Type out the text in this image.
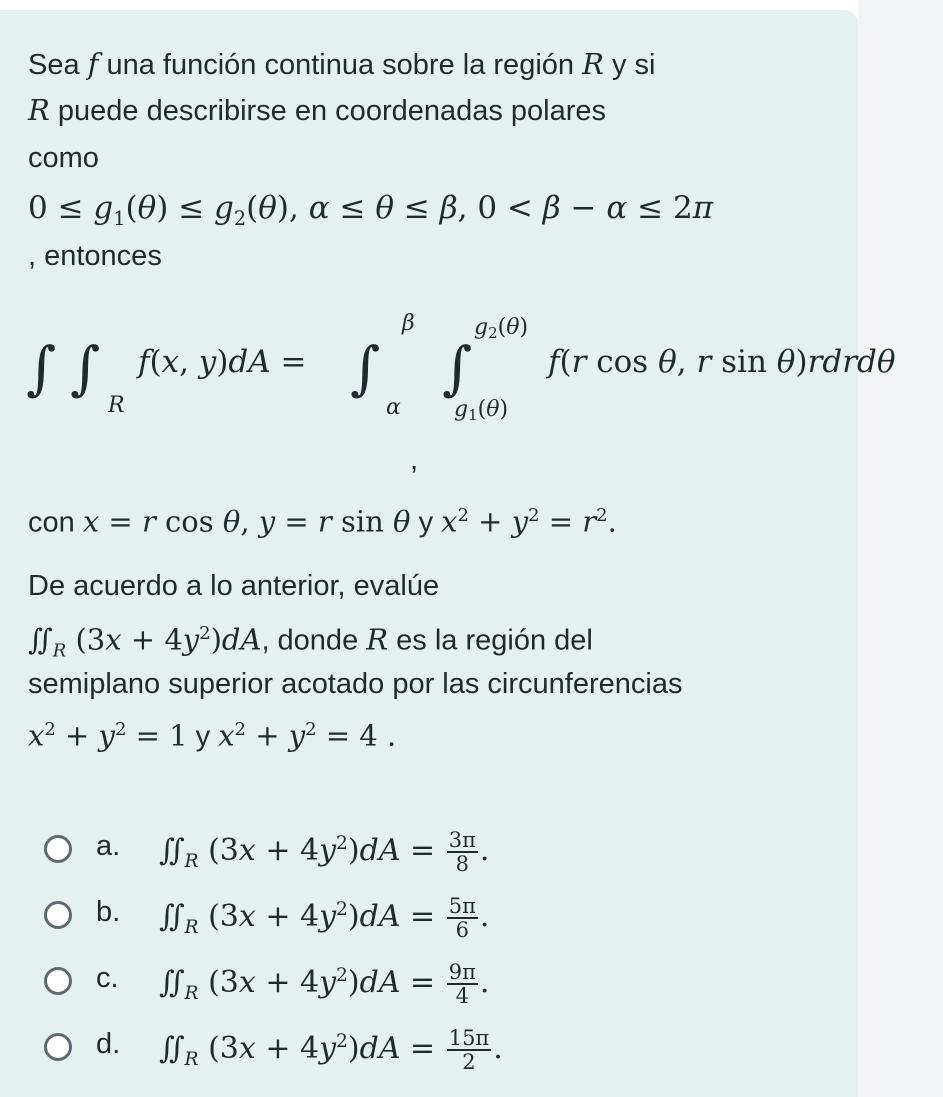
Sea f una función continua sobre la región R y si
R puede describirse en coordenadas polares
como
$0 \le g_1(\theta) \le g_2(\theta)$, α ≤ θ ≤ β, 0 < β − α ≤ 2π
, entonces
∫ ∫
R
f(x, y)dA = ∫
β
α
∫
g2(θ)
g1(θ)
f(r cos θ, r sin θ)rdrdθ
,
con x = r cos θ, y = r sin θ y $x^2 + y^2 = r^2$.
De acuerdo a lo anterior, evalúe
$∬_R$ $(3x + 4y^2)dA$, donde R es la región del
semiplano superior acotado por las circunferencias
$x^2 + y^2 = 1$ y $x^2 + y^2 = 4$ .
a. $∬_R$ $(3x + 4y^2)dA = \frac{3\pi}{8}$ .
b. $∬_R$ $(3x + 4y^2)dA = \frac{5\pi}{6}$ .
c. $∬_R$ $(3x + 4y^2)dA = \frac{9\pi}{4}$ .
d. $∬_R$ $(3x + 4y^2)dA = \frac{15\pi}{2}$ .
